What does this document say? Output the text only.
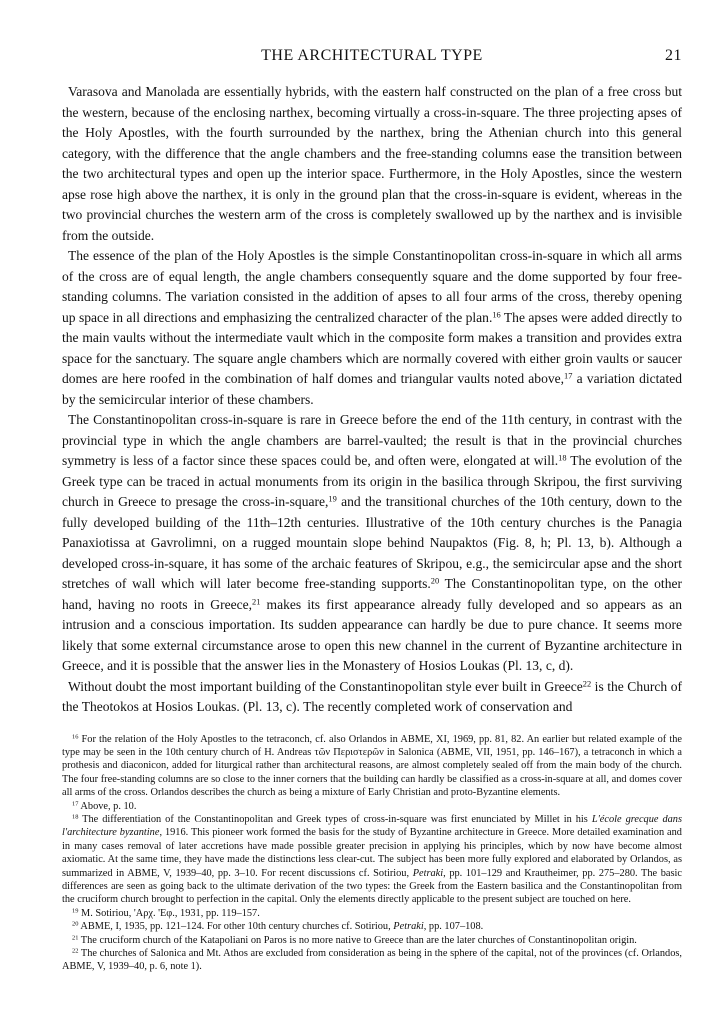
THE ARCHITECTURAL TYPE	21

Varasova and Manolada are essentially hybrids, with the eastern half constructed on the plan of a free cross but the western, because of the enclosing narthex, becoming virtually a cross-in-square. The three projecting apses of the Holy Apostles, with the fourth surrounded by the narthex, bring the Athenian church into this general category, with the difference that the angle chambers and the free-standing columns ease the transition between the two architectural types and open up the interior space. Furthermore, in the Holy Apostles, since the western apse rose high above the narthex, it is only in the ground plan that the cross-in-square is evident, whereas in the two provincial churches the western arm of the cross is completely swallowed up by the narthex and is invisible from the outside.

The essence of the plan of the Holy Apostles is the simple Constantinopolitan cross-in-square in which all arms of the cross are of equal length, the angle chambers consequently square and the dome supported by four free-standing columns. The variation consisted in the addition of apses to all four arms of the cross, thereby opening up space in all directions and emphasizing the centralized character of the plan.$^{16}$ The apses were added directly to the main vaults without the intermediate vault which in the composite form makes a transition and provides extra space for the sanctuary. The square angle chambers which are normally covered with either groin vaults or saucer domes are here roofed in the combination of half domes and triangular vaults noted above,$^{17}$ a variation dictated by the semicircular interior of these chambers.

The Constantinopolitan cross-in-square is rare in Greece before the end of the 11th century, in contrast with the provincial type in which the angle chambers are barrel-vaulted; the result is that in the provincial churches symmetry is less of a factor since these spaces could be, and often were, elongated at will.$^{18}$ The evolution of the Greek type can be traced in actual monuments from its origin in the basilica through Skripou, the first surviving church in Greece to presage the cross-in-square,$^{19}$ and the transitional churches of the 10th century, down to the fully developed building of the 11th–12th centuries. Illustrative of the 10th century churches is the Panagia Panaxiotissa at Gavrolimni, on a rugged mountain slope behind Naupaktos (Fig. 8, h; Pl. 13, b). Although a developed cross-in-square, it has some of the archaic features of Skripou, e.g., the semicircular apse and the short stretches of wall which will later become free-standing supports.$^{20}$ The Constantinopolitan type, on the other hand, having no roots in Greece,$^{21}$ makes its first appearance already fully developed and so appears as an intrusion and a conscious importation. Its sudden appearance can hardly be due to pure chance. It seems more likely that some external circumstance arose to open this new channel in the current of Byzantine architecture in Greece, and it is possible that the answer lies in the Monastery of Hosios Loukas (Pl. 13, c, d).

Without doubt the most important building of the Constantinopolitan style ever built in Greece$^{22}$ is the Church of the Theotokos at Hosios Loukas. (Pl. 13, c). The recently completed work of conservation and

$^{16}$ For the relation of the Holy Apostles to the tetraconch, cf. also Orlandos in ABME, XI, 1969, pp. 81, 82. An earlier but related example of the type may be seen in the 10th century church of H. Andreas τῶν Περιστερῶν in Salonica (ABME, VII, 1951, pp. 146–167), a tetraconch in which a prothesis and diaconicon, added for liturgical rather than architectural reasons, are almost completely sealed off from the main body of the church. The four free-standing columns are so close to the inner corners that the building can hardly be classified as a cross-in-square at all, and domes cover all arms of the cross. Orlandos describes the church as being a mixture of Early Christian and proto-Byzantine elements.

$^{17}$ Above, p. 10.

$^{18}$ The differentiation of the Constantinopolitan and Greek types of cross-in-square was first enunciated by Millet in his L'école grecque dans l'architecture byzantine, 1916. This pioneer work formed the basis for the study of Byzantine architecture in Greece. More detailed examination and in many cases removal of later accretions have made possible greater precision in applying his principles, which by now have become almost axiomatic. At the same time, they have made the distinctions less clear-cut. The subject has been more fully explored and elaborated by Orlandos, as summarized in ABME, V, 1939–40, pp. 3–10. For recent discussions cf. Sotiriou, Petraki, pp. 101–129 and Krautheimer, pp. 275–280. The basic differences are seen as going back to the ultimate derivation of the two types: the Greek from the Eastern basilica and the Constantinopolitan from the cruciform church brought to perfection in the capital. Only the elements directly applicable to the present subject are touched on here.

$^{19}$ M. Sotiriou, 'Αρχ. 'Εφ., 1931, pp. 119–157.

$^{20}$ ABME, I, 1935, pp. 121–124. For other 10th century churches cf. Sotiriou, Petraki, pp. 107–108.

$^{21}$ The cruciform church of the Katapoliani on Paros is no more native to Greece than are the later churches of Constantinopolitan origin.

$^{22}$ The churches of Salonica and Mt. Athos are excluded from consideration as being in the sphere of the capital, not of the provinces (cf. Orlandos, ABME, V, 1939–40, p. 6, note 1).
